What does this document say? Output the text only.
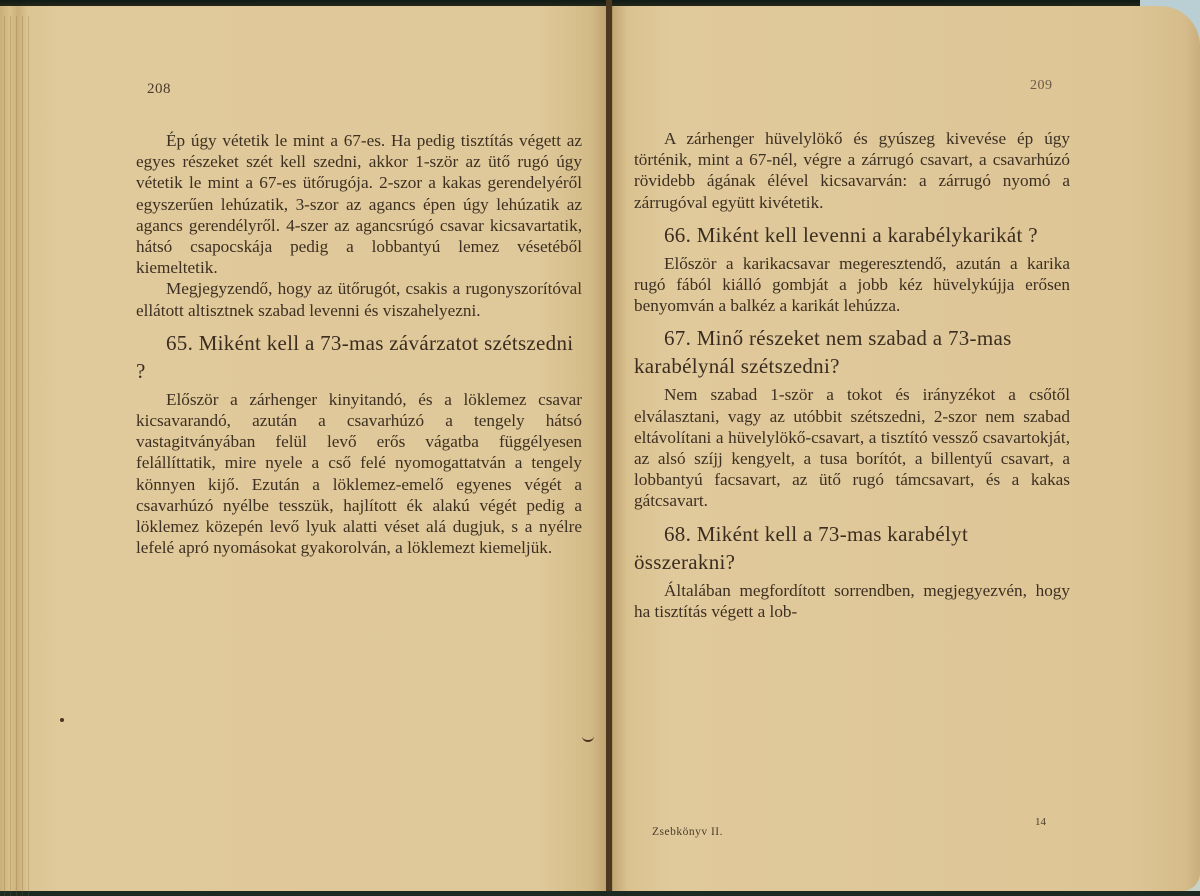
208	209

Ép úgy vétetik le mint a 67-es. Ha pedig tisztítás végett az egyes részeket szét kell szedni, akkor 1-ször az ütő rugó úgy vétetik le mint a 67-es ütőrugója. 2-szor a kakas gerendelyéről egyszerűen lehúzatik, 3-szor az agancs épen úgy lehúzatik az agancs gerendélyről. 4-szer az agancsrúgó csavar kicsavartatik, hátsó csapocskája pedig a lobbantyú lemez vésetéből kiemeltetik.

Megjegyzendő, hogy az ütőrugót, csakis a rugonyszorítóval ellátott altisztnek szabad levenni és viszahelyezni.

65. Miként kell a 73-mas závárzatot szétszedni ?

Először a zárhenger kinyitandó, és a löklemez csavar kicsavarandó, azután a csavarhúzó a tengely hátsó vastagitványában felül levő erős vágatba függélyesen felállíttatik, mire nyele a cső felé nyomogattatván a tengely könnyen kijő. Ezután a löklemez-emelő egyenes végét a csavarhúzó nyélbe tesszük, hajlított ék alakú végét pedig a löklemez közepén levő lyuk alatti véset alá dugjuk, s a nyélre lefelé apró nyomásokat gyakorolván, a löklemezt kiemeljük.

A zárhenger hüvelylökő és gyúszeg kivevése ép úgy történik, mint a 67-nél, végre a zárrugó csavart, a csavarhúzó rövidebb ágának élével kicsavarván: a zárrugó nyomó a zárrugóval együtt kivétetik.

66. Miként kell levenni a karabélykarikát ?

Először a karikacsavar megeresztendő, azután a karika rugó fából kiálló gombját a jobb kéz hüvelykújja erősen benyomván a balkéz a karikát lehúzza.

67. Minő részeket nem szabad a 73-mas karabélynál szétszedni?

Nem szabad 1-ször a tokot és irányzékot a csőtől elválasztani, vagy az utóbbit szétszedni, 2-szor nem szabad eltávolítani a hüvelylökő-csavart, a tisztító vessző csavartokját, az alsó szíjj kengyelt, a tusa borítót, a billentyű csavart, a lobbantyú facsavart, az ütő rugó támcsavart, és a kakas gátcsavart.

68. Miként kell a 73-mas karabélyt összerakni?

Általában megfordított sorrendben, megjegyezvén, hogy ha tisztítás végett a lob-

Zsebkönyv II.
14
